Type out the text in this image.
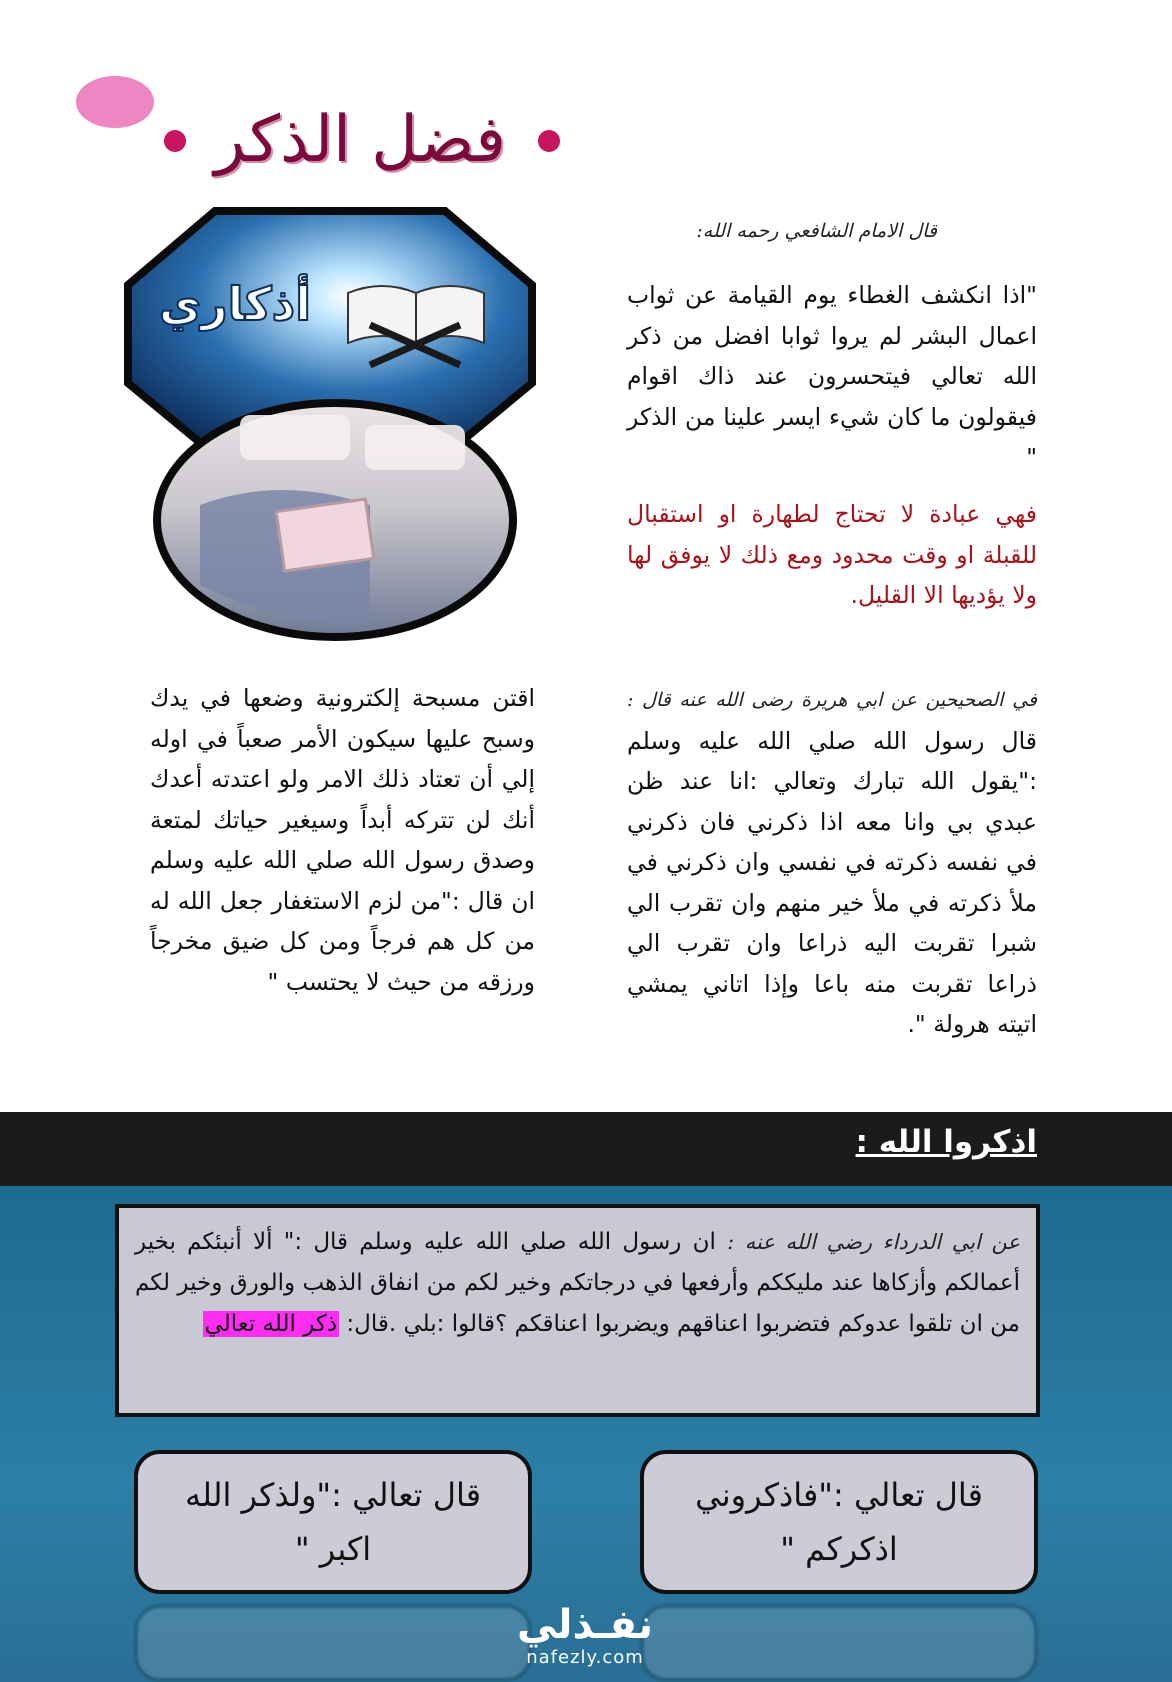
فضل الذكر
أذكاري
قال الامام الشافعي رحمه الله:
"اذا انكشف الغطاء يوم القيامة عن ثواب اعمال البشر لم يروا ثوابا افضل من ذكر الله تعالي فيتحسرون عند ذاك اقوام فيقولون ما كان شيء ايسر علينا من الذكر "
فهي عبادة لا تحتاج لطهارة او استقبال للقبلة او وقت محدود ومع ذلك لا يوفق لها ولا يؤديها الا القليل.
في الصحيحين عن ابي هريرة رضى الله عنه قال : قال رسول الله صلي الله عليه وسلم :"يقول الله تبارك وتعالي :انا عند ظن عبدي بي وانا معه اذا ذكرني فان ذكرني في نفسه ذكرته في نفسي وان ذكرني في ملأ ذكرته في ملأ خير منهم وان تقرب الي شبرا تقربت اليه ذراعا وان تقرب الي ذراعا تقربت منه باعا وإذا اتاني يمشي اتيته هرولة ".
اقتن مسبحة إلكترونية وضعها في يدك وسبح عليها سيكون الأمر صعباً في اوله إلي أن تعتاد ذلك الامر ولو اعتدته أعدك أنك لن تتركه أبداً وسيغير حياتك لمتعة وصدق رسول الله صلي الله عليه وسلم ان قال :"من لزم الاستغفار جعل الله له من كل هم فرجاً ومن كل ضيق مخرجاً ورزقه من حيث لا يحتسب "
اذكروا الله :
عن ابي الدرداء رضي الله عنه : ان رسول الله صلي الله عليه وسلم قال :" ألا أنبئكم بخير أعمالكم وأزكاها عند مليككم وأرفعها في درجاتكم وخير لكم من انفاق الذهب والورق وخير لكم من ان تلقوا عدوكم فتضربوا اعناقهم ويضربوا اعناقكم ؟قالوا :بلي .قال: ذكر الله تعالي
قال تعالي :"فاذكروني اذكركم "
قال تعالي :"ولذكر الله اكبر "
نفـذلي
nafezly.com
